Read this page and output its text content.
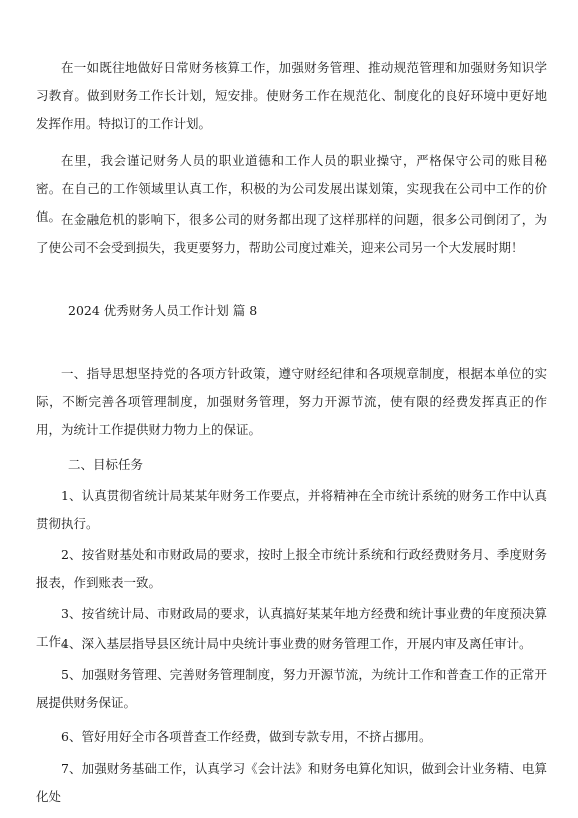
在一如既往地做好日常财务核算工作，加强财务管理、推动规范管理和加强财务知识学习教育。做到财务工作长计划，短安排。使财务工作在规范化、制度化的良好环境中更好地发挥作用。特拟订的工作计划。

在里，我会谨记财务人员的职业道德和工作人员的职业操守，严格保守公司的账目秘密。在自己的工作领域里认真工作，积极的为公司发展出谋划策，实现我在公司中工作的价值。 在金融危机的影响下，很多公司的财务都出现了这样那样的问题，很多公司倒闭了，为了使公司不会受到损失，我更要努力，帮助公司度过难关，迎来公司另一个大发展时期！

2024 优秀财务人员工作计划 篇 8

一、指导思想坚持党的各项方针政策，遵守财经纪律和各项规章制度，根据本单位的实际，不断完善各项管理制度，加强财务管理，努力开源节流，使有限的经费发挥真正的作用，为统计工作提供财力物力上的保证。

二、目标任务

1、认真贯彻省统计局某某年财务工作要点，并将精神在全市统计系统的财务工作中认真贯彻执行。

2、按省财基处和市财政局的要求，按时上报全市统计系统和行政经费财务月、季度财务报表，作到账表一致。

3、按省统计局、市财政局的要求，认真搞好某某年地方经费和统计事业费的年度预决算工作。

4、深入基层指导县区统计局中央统计事业费的财务管理工作，开展内审及离任审计。

5、加强财务管理、完善财务管理制度，努力开源节流，为统计工作和普查工作的正常开展提供财务保证。

6、管好用好全市各项普查工作经费，做到专款专用，不挤占挪用。

7、加强财务基础工作，认真学习《会计法》和财务电算化知识，做到会计业务精、电算化处
